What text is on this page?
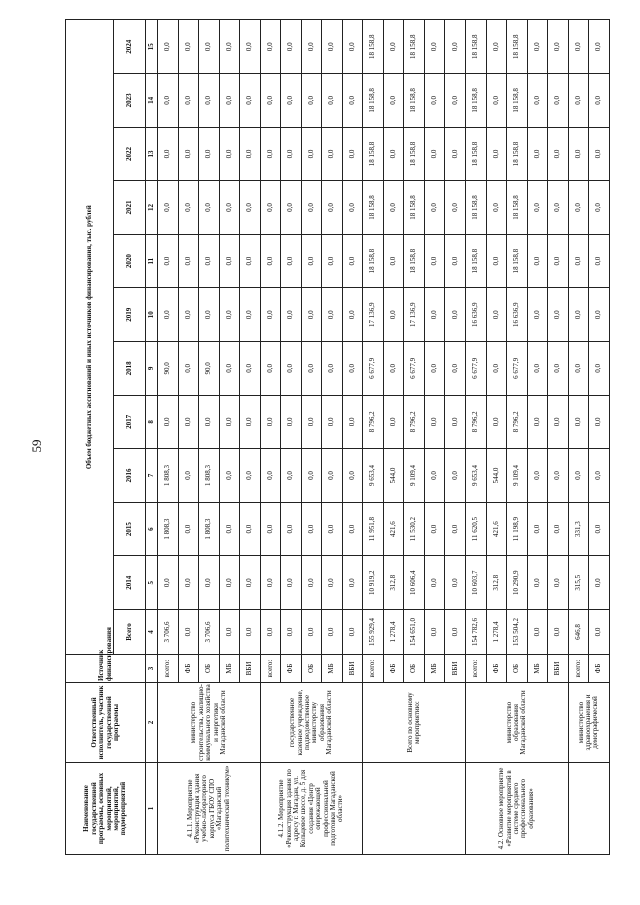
59
Наименование государственной программы, основных мероприятий, мероприятий, подмероприятий	Ответственный исполнитель, участник государственной программы	Источник финансирования	Объем бюджетных ассигнований и иных источников финансирования, тыс. рублей											
			Всего	2014	2015	2016	2017	2018	2019	2020	2021	2022	2023	2024
1	2	3	4	5	6	7	8	9	10	11	12	13	14	15
4.1.1. Мероприятие «Реконструкция здания учебно-лабораторного корпуса ГБОУ СПО «Магаданский политехнический техникум»	министерство строительства, жилищно-коммунального хозяйства и энергетики Магаданской области	всего:	3 706,6	0,0	1 808,3	1 808,3	0,0	90,0	0,0	0,0	0,0	0,0	0,0	0,0
		ФБ	0,0	0,0	0,0	0,0	0,0	0,0	0,0	0,0	0,0	0,0	0,0	0,0
		ОБ	3 706,6	0,0	1 808,3	1 808,3	0,0	90,0	0,0	0,0	0,0	0,0	0,0	0,0
		МБ	0,0	0,0	0,0	0,0	0,0	0,0	0,0	0,0	0,0	0,0	0,0	0,0
		ВБИ	0,0	0,0	0,0	0,0	0,0	0,0	0,0	0,0	0,0	0,0	0,0	0,0
4.1.2. Мероприятие «Реконструкция здания по адресу г. Магадан, ул. Кольцевое шоссе, д. 5 для создания «Центр опережающей профессиональной подготовки Магаданской области»	государственное казенное учреждение, подведомственное министерству образования Магаданской области	всего:	0,0	0,0	0,0	0,0	0,0	0,0	0,0	0,0	0,0	0,0	0,0	0,0
		ФБ	0,0	0,0	0,0	0,0	0,0	0,0	0,0	0,0	0,0	0,0	0,0	0,0
		ОБ	0,0	0,0	0,0	0,0	0,0	0,0	0,0	0,0	0,0	0,0	0,0	0,0
		МБ	0,0	0,0	0,0	0,0	0,0	0,0	0,0	0,0	0,0	0,0	0,0	0,0
		ВБИ	0,0	0,0	0,0	0,0	0,0	0,0	0,0	0,0	0,0	0,0	0,0	0,0
	Всего по основному мероприятию:	всего:	155 929,4	10 919,2	11 951,8	9 653,4	8 796,2	6 677,9	17 136,9	18 158,8	18 158,8	18 158,8	18 158,8	18 158,8
		ФБ	1 278,4	312,8	421,6	544,0	0,0	0,0	0,0	0,0	0,0	0,0	0,0	0,0
		ОБ	154 651,0	10 606,4	11 530,2	9 109,4	8 796,2	6 677,9	17 136,9	18 158,8	18 158,8	18 158,8	18 158,8	18 158,8
		МБ	0,0	0,0	0,0	0,0	0,0	0,0	0,0	0,0	0,0	0,0	0,0	0,0
		ВБИ	0,0	0,0	0,0	0,0	0,0	0,0	0,0	0,0	0,0	0,0	0,0	0,0
4.2. Основное мероприятие «Развитие мероприятий в системе среднего профессионального образования»	министерство образования Магаданской области	всего:	154 782,6	10 603,7	11 620,5	9 653,4	8 796,2	6 677,9	16 636,9	18 158,8	18 158,8	18 158,8	18 158,8	18 158,8
		ФБ	1 278,4	312,8	421,6	544,0	0,0	0,0	0,0	0,0	0,0	0,0	0,0	0,0
		ОБ	153 504,2	10 290,9	11 198,9	9 109,4	8 796,2	6 677,9	16 636,9	18 158,8	18 158,8	18 158,8	18 158,8	18 158,8
		МБ	0,0	0,0	0,0	0,0	0,0	0,0	0,0	0,0	0,0	0,0	0,0	0,0
		ВБИ	0,0	0,0	0,0	0,0	0,0	0,0	0,0	0,0	0,0	0,0	0,0	0,0
	министерство здравоохранения и демографической	всего:	646,8	315,5	331,3	0,0	0,0	0,0	0,0	0,0	0,0	0,0	0,0	0,0
		ФБ	0,0	0,0	0,0	0,0	0,0	0,0	0,0	0,0	0,0	0,0	0,0	0,0
